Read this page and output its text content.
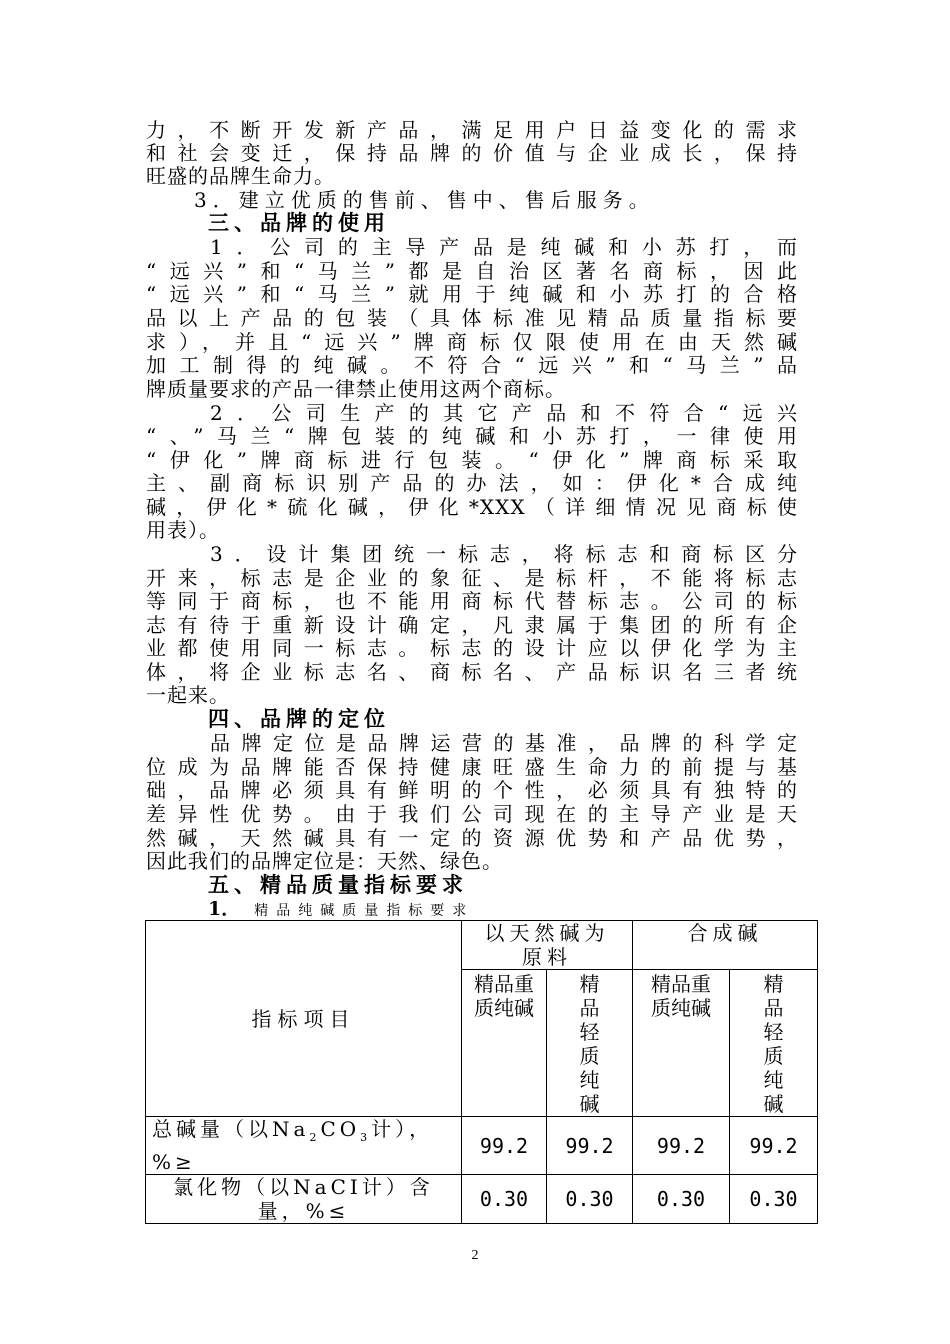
力，不断开发新产品，满足用户日益变化的需求
和社会变迁，保持品牌的价值与企业成长，保持
旺盛的品牌生命力。
3．建立优质的售前、售中、售后服务。
三、品牌的使用
1．公司的主导产品是纯碱和小苏打，而
“远兴”和“马兰”都是自治区著名商标，因此
“远兴”和“马兰”就用于纯碱和小苏打的合格
品以上产品的包装（具体标准见精品质量指标要
求），并且“远兴”牌商标仅限使用在由天然碱
加工制得的纯碱。不符合“远兴”和“马兰”品
牌质量要求的产品一律禁止使用这两个商标。
2．公司生产的其它产品和不符合“远兴
“、”马兰“牌包装的纯碱和小苏打，一律使用
“伊化”牌商标进行包装。“伊化”牌商标采取
主、副商标识别产品的办法，如：伊化*合成纯
碱，伊化*硫化碱，伊化*XXX（详细情况见商标使
用表）。
3．设计集团统一标志，将标志和商标区分
开来，标志是企业的象征、是标杆，不能将标志
等同于商标，也不能用商标代替标志。公司的标
志有待于重新设计确定，凡隶属于集团的所有企
业都使用同一标志。标志的设计应以伊化学为主
体，将企业标志名、商标名、产品标识名三者统
一起来。
四、品牌的定位
品牌定位是品牌运营的基准，品牌的科学定
位成为品牌能否保持健康旺盛生命力的前提与基
础，品牌必须具有鲜明的个性，必须具有独特的
差异性优势。由于我们公司现在的主导产业是天
然碱，天然碱具有一定的资源优势和产品优势，
因此我们的品牌定位是：天然、绿色。
五、精品质量指标要求
1． 精品纯碱质量指标要求
指标项目	以天然碱为原料		合成碱	
	精品重质纯碱	精品轻质纯碱	精品重质纯碱	精品轻质纯碱
总碱量（以$Na_2CO_3$计），%≥	99.2	99.2	99.2	99.2
氯化物（以NaCI计）含量，%≤	0.30	0.30	0.30	0.30
2
